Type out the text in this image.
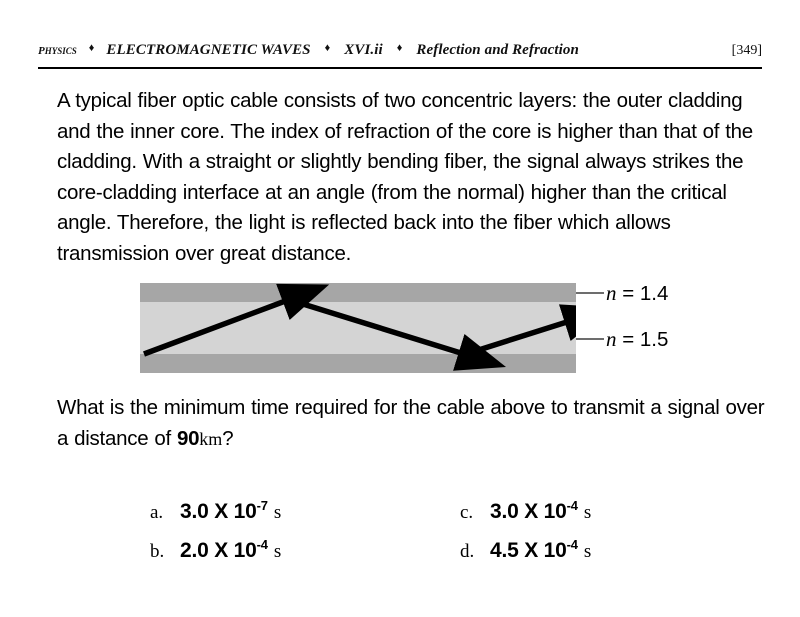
physics	♦ ELECTROMAGNETIC WAVES	♦ XVI.ii	♦ Reflection and Refraction	[349]
A typical fiber optic cable consists of two concentric layers: the outer cladding and the inner core. The index of refraction of the core is higher than that of the cladding. With a straight or slightly bending fiber, the signal always strikes the core-cladding interface at an angle (from the normal) higher than the critical angle. Therefore, the light is reflected back into the fiber which allows transmission over great distance.
n = 1.4
n = 1.5
What is the minimum time required for the cable above to transmit a signal over a distance of 90km?
a. 3.0 X $10^{-7}$ s	c. 3.0 X $10^{-4}$ s
b. 2.0 X $10^{-4}$ s	d. 4.5 X $10^{-4}$ s
